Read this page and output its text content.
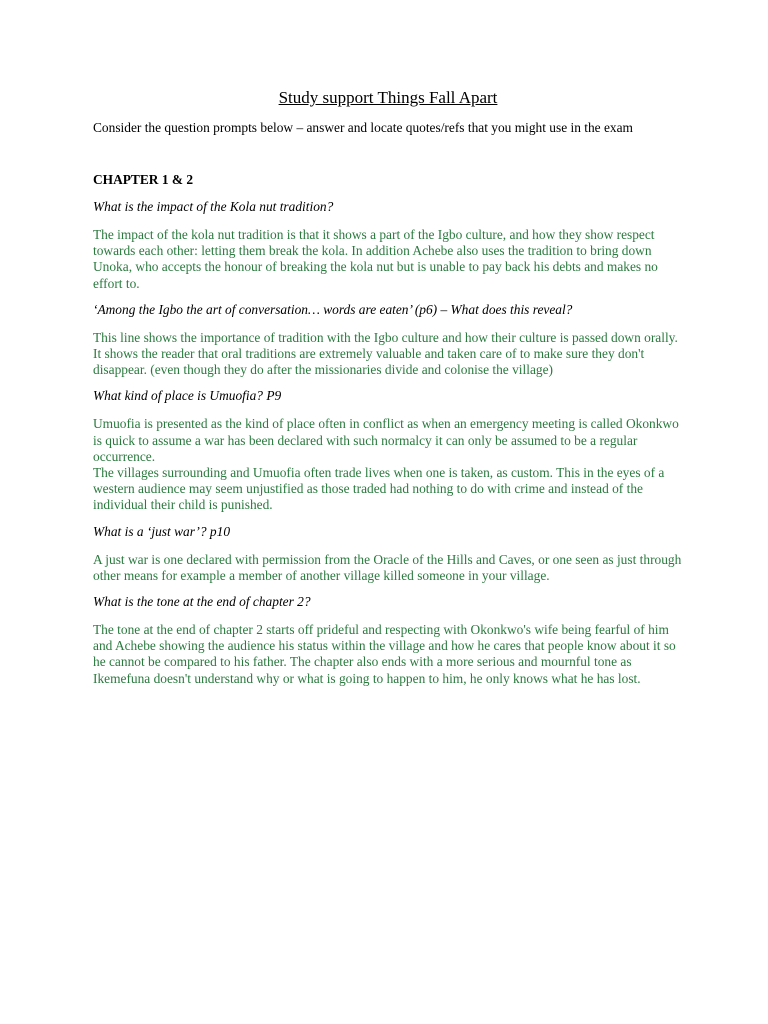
Study support Things Fall Apart
Consider the question prompts below – answer and locate quotes/refs that you might use in the exam
CHAPTER 1 & 2
What is the impact of the Kola nut tradition?
The impact of the kola nut tradition is that it shows a part of the Igbo culture, and how they show respect towards each other: letting them break the kola. In addition Achebe also uses the tradition to bring down Unoka, who accepts the honour of breaking the kola nut but is unable to pay back his debts and makes no effort to.
‘Among the Igbo the art of conversation… words are eaten’ (p6) – What does this reveal?
This line shows the importance of tradition with the Igbo culture and how their culture is passed down orally. It shows the reader that oral traditions are extremely valuable and taken care of to make sure they don't disappear. (even though they do after the missionaries divide and colonise the village)
What kind of place is Umuofia? P9
Umuofia is presented as the kind of place often in conflict as when an emergency meeting is called Okonkwo is quick to assume a war has been declared with such normalcy it can only be assumed to be a regular occurrence.
The villages surrounding and Umuofia often trade lives when one is taken, as custom. This in the eyes of a western audience may seem unjustified as those traded had nothing to do with crime and instead of the individual their child is punished.
What is a ‘just war’? p10
A just war is one declared with permission from the Oracle of the Hills and Caves, or one seen as just through other means for example a member of another village killed someone in your village.
What is the tone at the end of chapter 2?
The tone at the end of chapter 2 starts off prideful and respecting with Okonkwo's wife being fearful of him and Achebe showing the audience his status within the village and how he cares that people know about it so he cannot be compared to his father. The chapter also ends with a more serious and mournful tone as Ikemefuna doesn't understand why or what is going to happen to him, he only knows what he has lost.
